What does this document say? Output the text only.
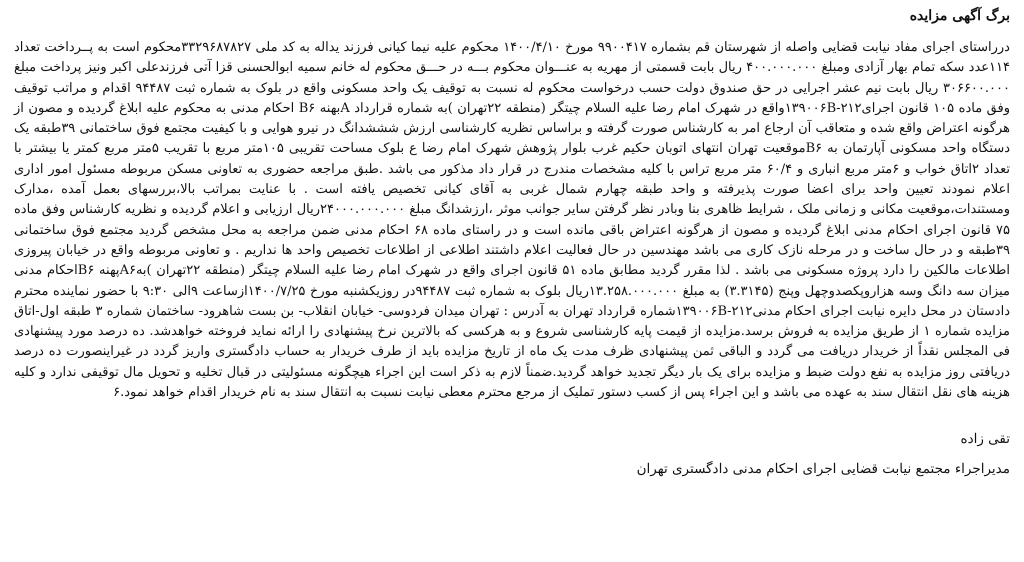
برگ آگهی مزایده

درراستای اجرای مفاد نیابت قضایی واصله از شهرستان قم بشماره ۹۹۰۰۴۱۷ مورخ ۱۴۰۰/۴/۱۰ محکوم علیه نیما کیانی فرزند یداله به کد ملی ۳۳۲۹۶۸۷۸۲۷محکوم است به پــرداخت تعداد ۱۱۴عدد سکه تمام بهار آزادی ومبلغ ۴۰۰.۰۰۰.۰۰۰ ریال بابت قسمتی از مهریه به عنـــوان محکوم بـــه در حـــق محکوم له خانم سمیه ابوالحسنی قزا آتی فرزندعلی اکبر ونیز پرداخت مبلغ ۳۰۶۶۰۰.۰۰۰ ریال بابت نیم عشر اجرایی در حق صندوق دولت حسب درخواست محکوم له نسبت به توقیف یک واحد مسکونی واقع در بلوک به شماره ثبت ۹۴۴۸۷ اقدام و مراتب توقیف وفق ماده ۱۰۵ قانون اجرای۲۱۲-۱۳۹۰۰۶Bواقع در شهرک امام رضا علیه السلام چیتگر (منطقه ۲۲تهران )به شماره قرارداد Aبهنه B۶ احکام مدنی به محکوم علیه ابلاغ گردیده و مصون از هرگونه اعتراض واقع شده و متعاقب آن ارجاع امر به کارشناس صورت گرفته و براساس نظریه کارشناسی ارزش شششدانگ در نیرو هوایی و با کیفیت مجتمع فوق ساختمانی ۳۹طبقه یک دستگاه واحد مسکونی آپارتمان به B۶موقعیت تهران انتهای اتوبان حکیم غرب بلوار پژوهش شهرک امام رضا ع بلوک مساحت تقریبی ۱۰۵متر مربع با تقریب ۵متر مربع کمتر یا بیشتر با تعداد ۲اتاق خواب و ۶متر مربع انباری و ۶۰/۴ متر مربع تراس با کلیه مشخصات مندرج در قرار داد مذکور می باشد .طبق مراجعه حضوری به تعاونی مسکن مربوطه مسئول امور اداری اعلام نمودند تعیین واحد برای اعضا صورت پذیرفته و واحد طبقه چهارم شمال غربی به آقای کیانی تخصیص یافته است . با عنایت بمراتب بالا،بررسهای بعمل آمده ،مدارک ومستندات،موقعیت مکانی و زمانی ملک ، شرایط ظاهری بنا وبادر نظر گرفتن سایر جوانب موثر ،ارزشدانگ مبلغ ۲۴۰۰۰.۰۰۰.۰۰۰ریال ارزیابی و اعلام گردیده و نظریه کارشناس وفق ماده ۷۵ قانون اجرای احکام مدنی ابلاغ گردیده و مصون از هرگونه اعتراض باقی مانده است و در راستای ماده ۶۸ احکام مدنی ضمن مراجعه به محل مشخص گردید مجتمع فوق ساختمانی ۳۹طبقه و در حال ساخت و در مرحله نازک کاری می باشد مهندسین در حال فعالیت اعلام داشتند اطلاعی از اطلاعات تخصیص واحد ها نداریم . و تعاونی مربوطه واقع در خیابان پیروزی اطلاعات مالکین را دارد پروژه مسکونی می باشد . لذا مقرر گردید مطابق ماده ۵۱ قانون اجرای واقع در شهرک امام رضا علیه السلام چیتگر (منطقه ۲۲تهران )بهA۶پهنه B۶احکام مدنی میزان سه دانگ وسه هزاروپکصدوچهل وپنج (۳.۳۱۴۵) به مبلغ ۱۳.۲۵۸.۰۰۰.۰۰۰ریال بلوک به شماره ثبت ۹۴۴۸۷در روزیکشنبه مورخ ۱۴۰۰/۷/۲۵ازساعت ۹الی ۹:۳۰ با حضور نماینده محترم دادستان در محل دایره نیابت اجرای احکام مدنی۲۱۲-۱۳۹۰۰۶Bشماره قرارداد تهران به آدرس : تهران میدان فردوسی- خیابان انقلاب- بن بست شاهرود- ساختمان شماره ۳ طبقه اول-اتاق مزایده شماره ۱ از طریق مزایده به فروش برسد.مزایده از قیمت پایه کارشناسی شروع و به هرکسی که بالاترین نرخ پیشنهادی را ارائه نماید فروخته خواهدشد. ده درصد مورد پیشنهادی فی المجلس نقداً از خریدار دریافت می گردد و الباقی ثمن پیشنهادی ظرف مدت یک ماه از تاریخ مزایده باید از طرف خریدار به حساب دادگستری واریز گردد در غیراینصورت ده درصد دریافتی روز مزایده به نفع دولت ضبط و مزایده برای یک بار دیگر تجدید خواهد گردید.ضمناً لازم به ذکر است این اجراء هیچگونه مسئولیتی در قبال تخلیه و تحویل مال توقیفی ندارد و کلیه هزینه های نقل انتقال سند به عهده می باشد و این اجراء پس از کسب دستور تملیک از مرجع محترم معطی نیابت نسبت به انتقال سند به نام خریدار اقدام خواهد نمود.۶

تقی زاده
مدیراجراء مجتمع نیابت قضایی اجرای احکام مدنی دادگستری تهران
